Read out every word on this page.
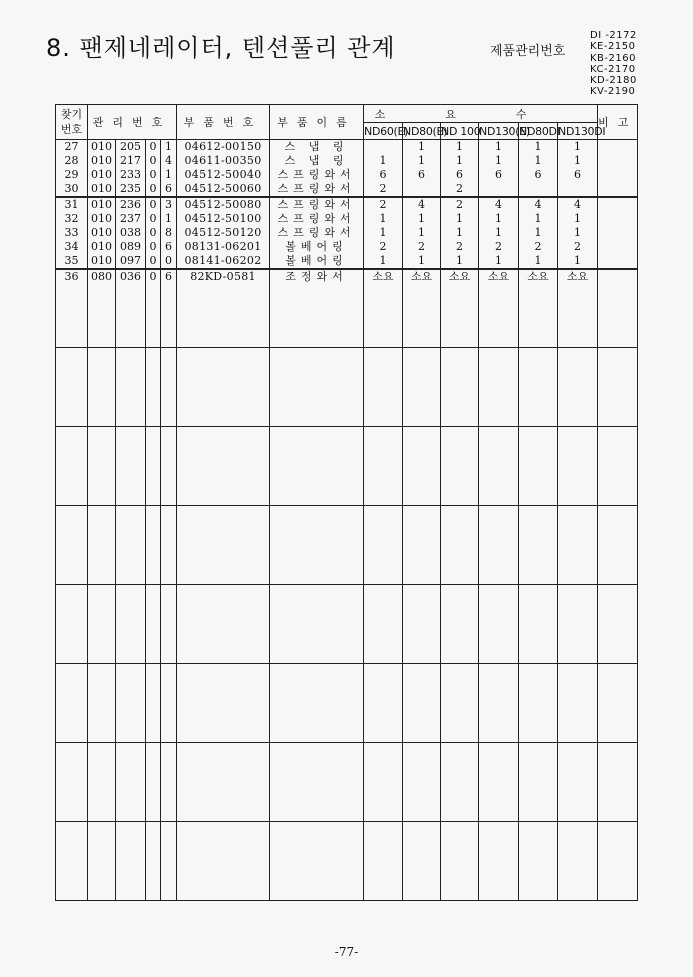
8. 팬제네레이터, 텐션풀리 관계	제품관리번호
DI -2172
KE-2150
KB-2160
KC-2170
KD-2180
KV-2190
찾기
번호	관리번호				부품번호	부품이름	소요수						비고
							ND60(E)	ND80(E)	ND 100	ND130(E)	ND80DI	ND130DI	
27	010	205	0	1	04612-00150	스 냅 링		1	1	1	1	1	
28	010	217	0	4	04611-00350	스 냅 링	1	1	1	1	1	1	
29	010	233	0	1	04512-50040	스프링와서	6	6	6	6	6	6	
30	010	235	0	6	04512-50060	스프링와서	2		2				
31	010	236	0	3	04512-50080	스프링와서	2	4	2	4	4	4	
32	010	237	0	1	04512-50100	스프링와서	1	1	1	1	1	1	
33	010	038	0	8	04512-50120	스프링와서	1	1	1	1	1	1	
34	010	089	0	6	08131-06201	볼베어링	2	2	2	2	2	2	
35	010	097	0	0	08141-06202	볼베어링	1	1	1	1	1	1	
36	080	036	0	6	82KD-0581	조정와서	소요	소요	소요	소요	소요	소요	

-77-
